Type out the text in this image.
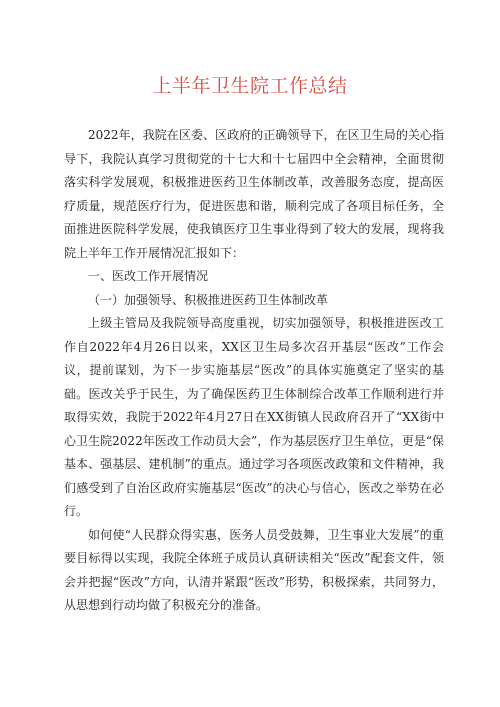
上半年卫生院工作总结

2022年，我院在区委、区政府的正确领导下，在区卫生局的关心指导下，我院认真学习贯彻党的十七大和十七届四中全会精神，全面贯彻落实科学发展观，积极推进医药卫生体制改革，改善服务态度，提高医疗质量，规范医疗行为，促进医患和谐，顺利完成了各项目标任务，全面推进医院科学发展，使我镇医疗卫生事业得到了较大的发展，现将我院上半年工作开展情况汇报如下：

一、医改工作开展情况

（一）加强领导、积极推进医药卫生体制改革

上级主管局及我院领导高度重视，切实加强领导，积极推进医改工作自2022年4月26日以来，XX区卫生局多次召开基层“医改”工作会议，提前谋划，为下一步实施基层“医改”的具体实施奠定了坚实的基础。医改关乎于民生，为了确保医药卫生体制综合改革工作顺利进行并取得实效，我院于2022年4月27日在XX街镇人民政府召开了“XX街中心卫生院2022年医改工作动员大会”，作为基层医疗卫生单位，更是“保基本、强基层、建机制”的重点。通过学习各项医改政策和文件精神，我们感受到了自治区政府实施基层“医改”的决心与信心，医改之举势在必行。

如何使“人民群众得实惠，医务人员受鼓舞，卫生事业大发展”的重要目标得以实现，我院全体班子成员认真研读相关“医改”配套文件，领会并把握“医改”方向，认清并紧跟“医改”形势，积极探索，共同努力，从思想到行动均做了积极充分的准备。
